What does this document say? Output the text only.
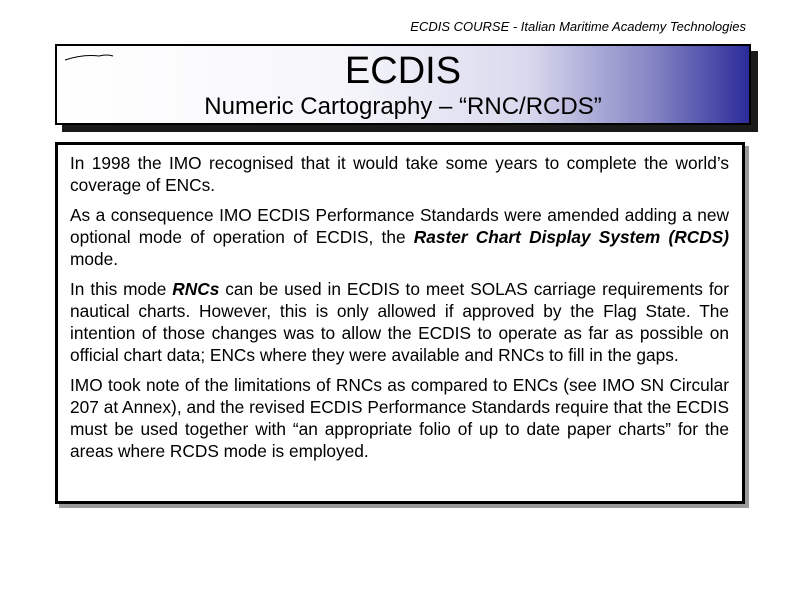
ECDIS COURSE - Italian Maritime Academy Technologies
ECDIS
Numeric Cartography – “RNC/RCDS”

In 1998 the IMO recognised that it would take some years to complete the world’s coverage of ENCs.

As a consequence IMO ECDIS Performance Standards were amended adding a new optional mode of operation of ECDIS, the Raster Chart Display System (RCDS) mode.

In this mode RNCs can be used in ECDIS to meet SOLAS carriage requirements for nautical charts. However, this is only allowed if approved by the Flag State. The intention of those changes was to allow the ECDIS to operate as far as possible on official chart data; ENCs where they were available and RNCs to fill in the gaps.

IMO took note of the limitations of RNCs as compared to ENCs (see IMO SN Circular 207 at Annex), and the revised ECDIS Performance Standards require that the ECDIS must be used together with “an appropriate folio of up to date paper charts” for the areas where RCDS mode is employed.
